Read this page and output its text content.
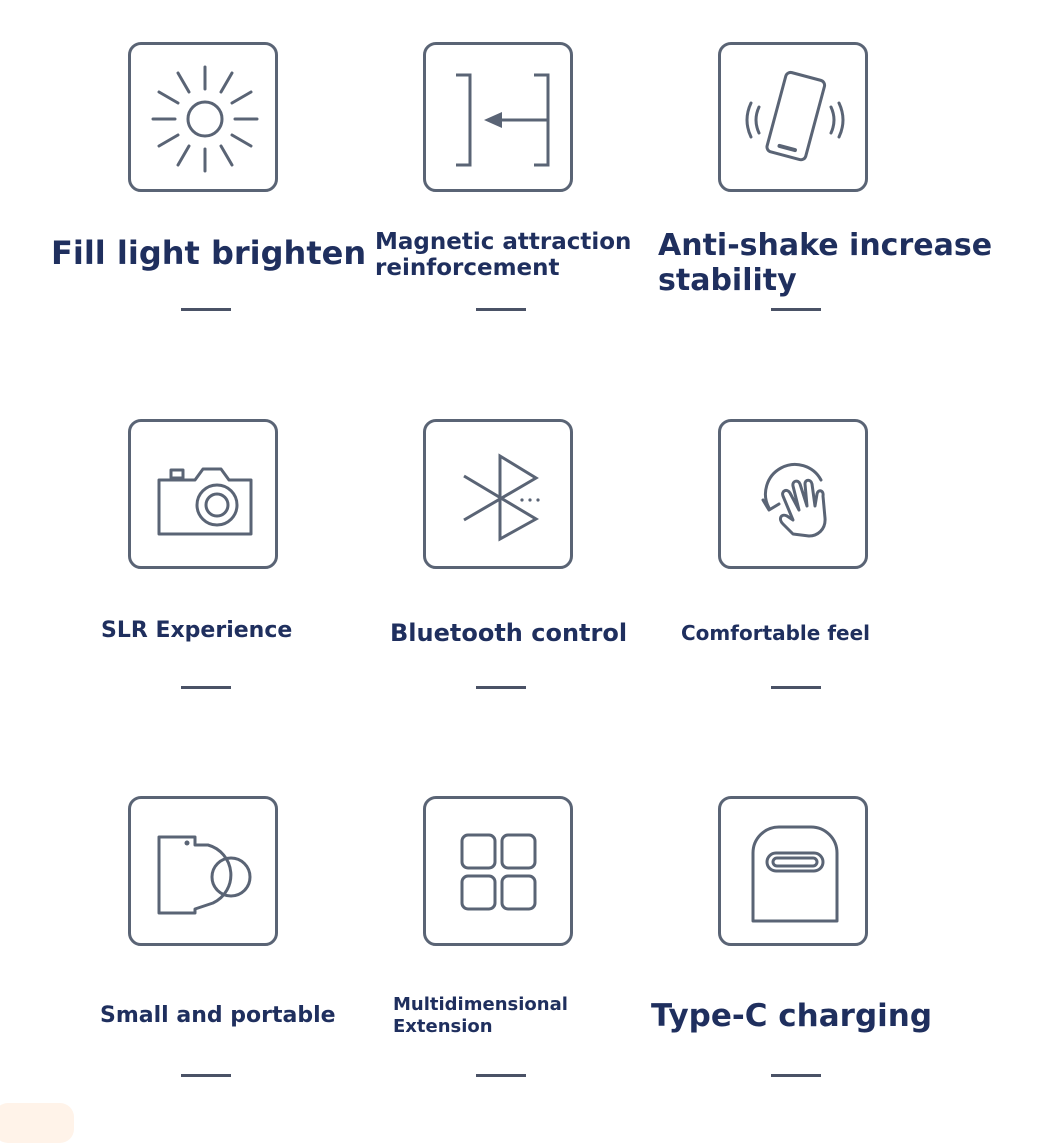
Fill light brighten Magnetic attraction
reinforcement
Anti-shake increase
stability
SLR Experience	Bluetooth control	Comfortable feel
Small and portable	Multidimensional Extension	Type-C charging
